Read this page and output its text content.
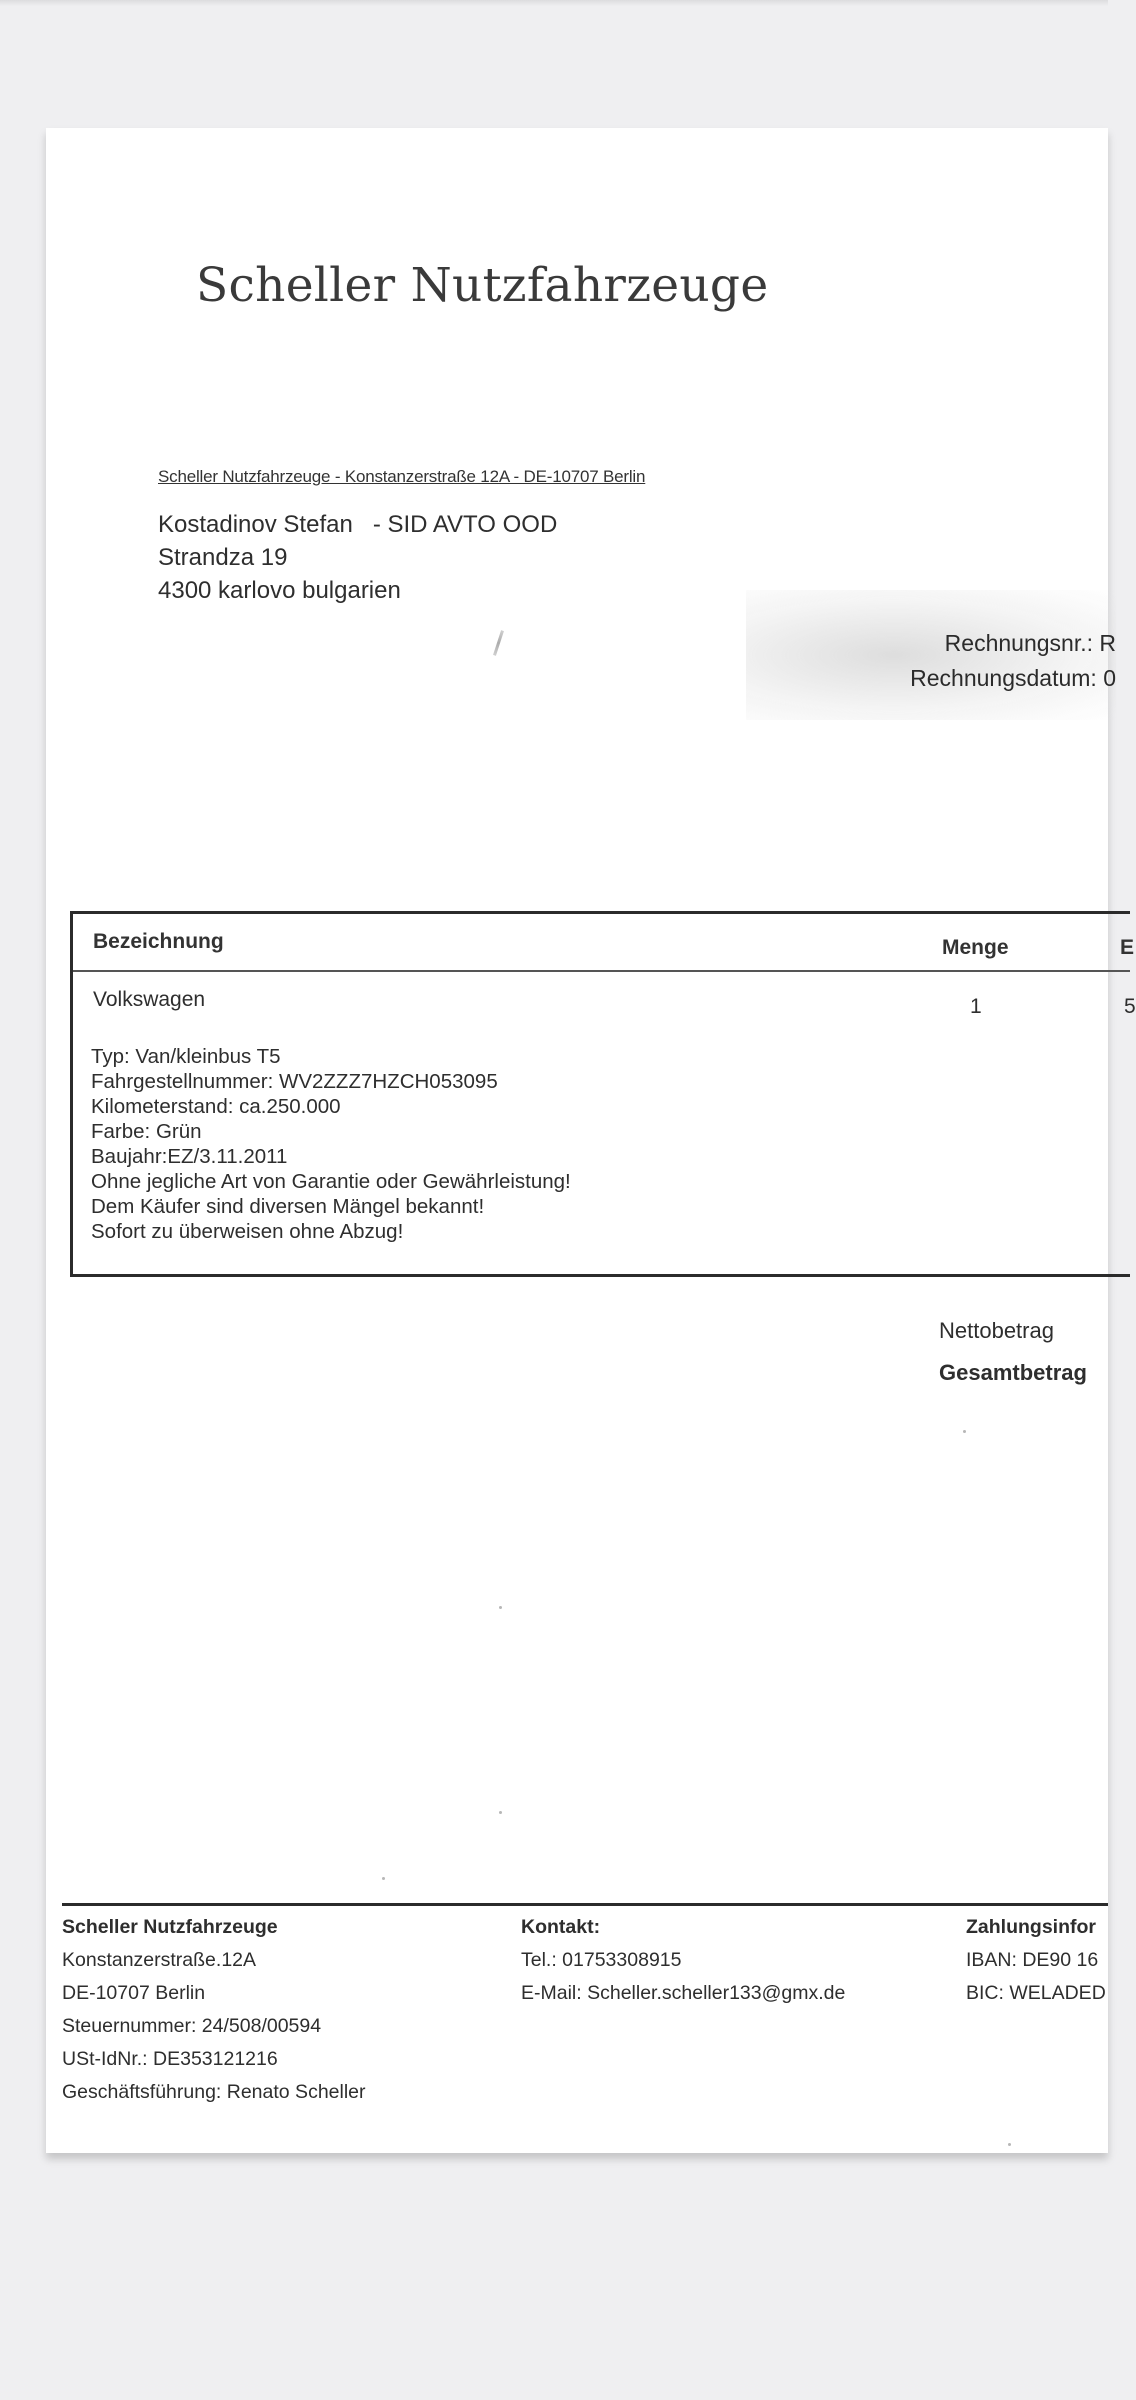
Scheller Nutzfahrzeuge
Scheller Nutzfahrzeuge - Konstanzerstraße 12A - DE-10707 Berlin
Kostadinov Stefan - SID AVTO OOD
Strandza 19
4300 karlovo bulgarien
Rechnungsnr.: R
Rechnungsdatum: 0
Bezeichnung	Menge	E
Volkswagen	1	5
Typ: Van/kleinbus T5
Fahrgestellnummer: WV2ZZZ7HZCH053095
Kilometerstand: ca.250.000
Farbe: Grün
Baujahr:EZ/3.11.2011
Ohne jegliche Art von Garantie oder Gewährleistung!
Dem Käufer sind diversen Mängel bekannt!
Sofort zu überweisen ohne Abzug!
Nettobetrag
Gesamtbetrag
Scheller Nutzfahrzeuge
Konstanzerstraße.12A
DE-10707 Berlin
Steuernummer: 24/508/00594
USt-IdNr.: DE353121216
Geschäftsführung: Renato Scheller
Kontakt:
Tel.: 01753308915
E-Mail: Scheller.scheller133@gmx.de
Zahlungsinfor
IBAN: DE90 16
BIC: WELADED
